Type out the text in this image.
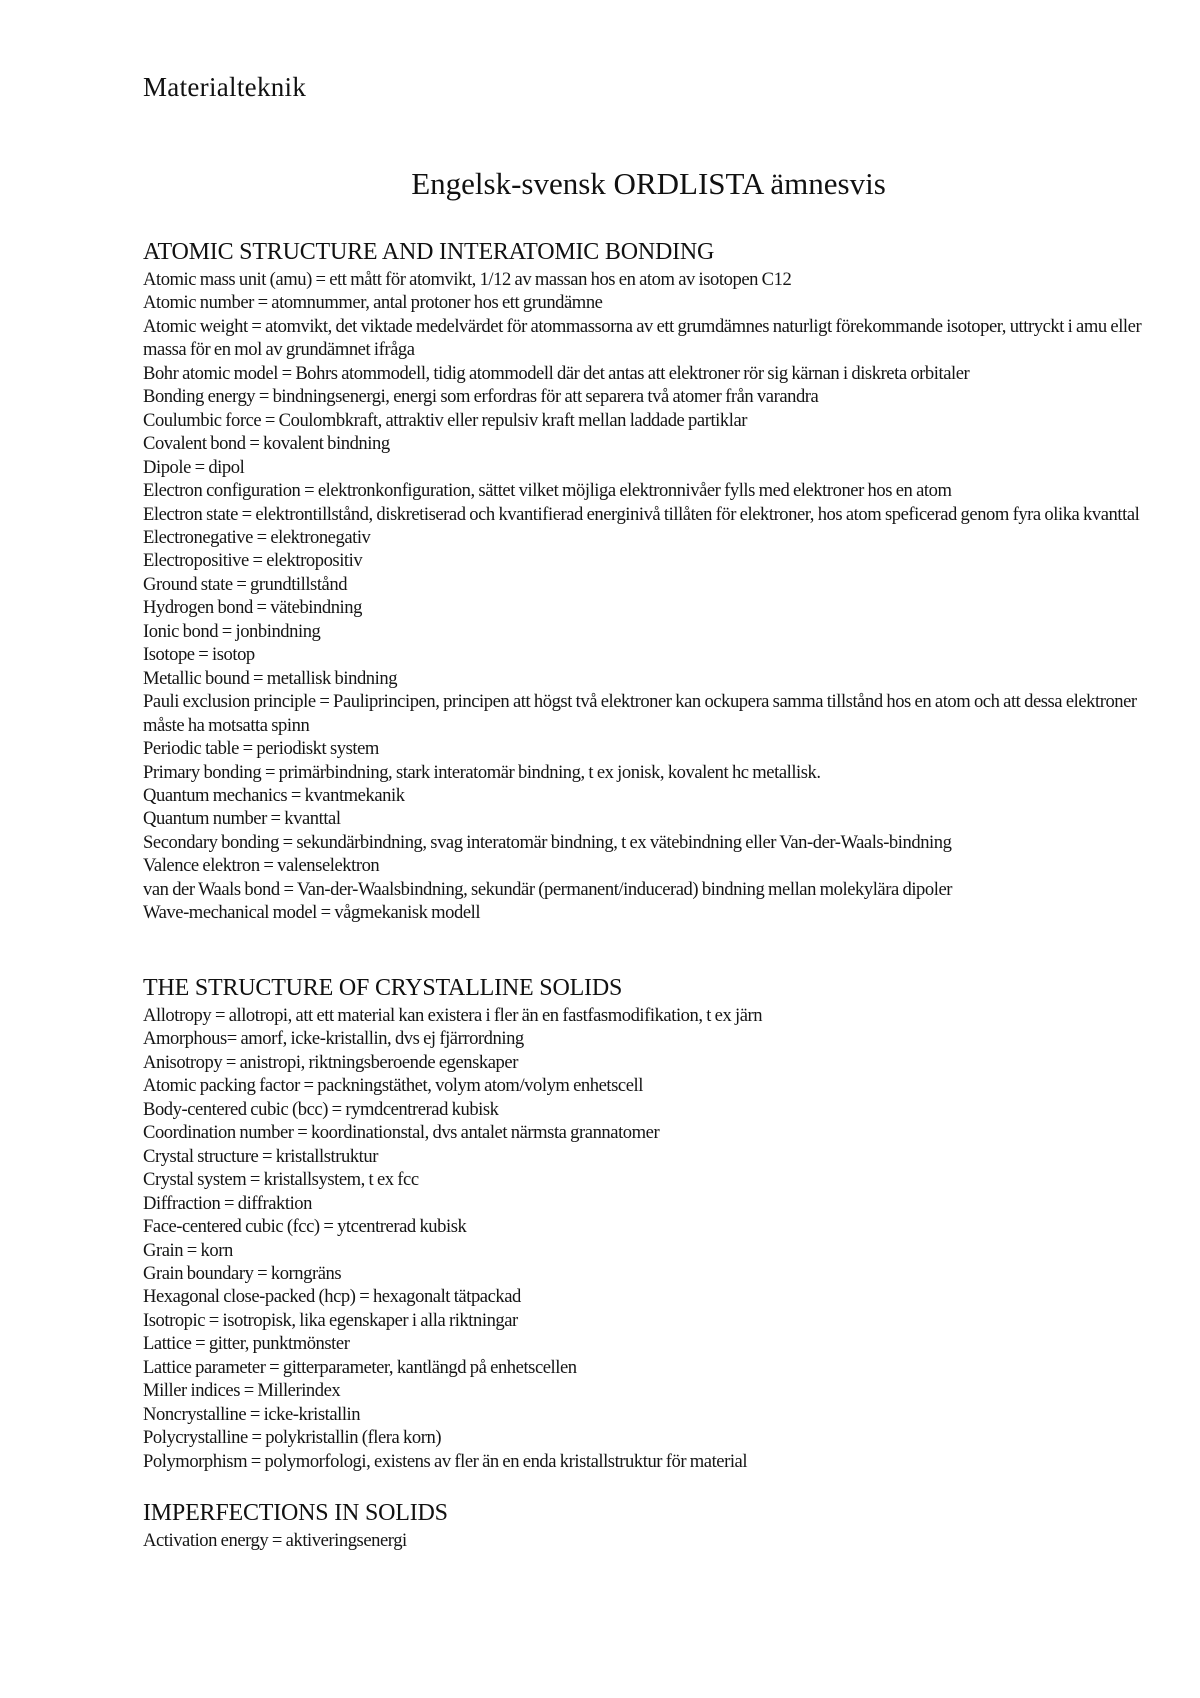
Materialteknik
Engelsk-svensk ORDLISTA ämnesvis
ATOMIC STRUCTURE AND INTERATOMIC BONDING
Atomic mass unit (amu) = ett mått för atomvikt, 1/12 av massan hos en atom av isotopen C12
Atomic number = atomnummer, antal protoner hos ett grundämne
Atomic weight = atomvikt, det viktade medelvärdet för atommassorna av ett grumdämnes naturligt förekommande isotoper, uttryckt i amu eller massa för en mol av grundämnet ifråga
Bohr atomic model = Bohrs atommodell, tidig atommodell där det antas att elektroner rör sig kärnan i diskreta orbitaler
Bonding energy = bindningsenergi, energi som erfordras för att separera två atomer från varandra
Coulumbic force = Coulombkraft, attraktiv eller repulsiv kraft mellan laddade partiklar
Covalent bond = kovalent bindning
Dipole = dipol
Electron configuration = elektronkonfiguration, sättet vilket möjliga elektronnivåer fylls med elektroner hos en atom
Electron state = elektrontillstånd, diskretiserad och kvantifierad energinivå tillåten för elektroner, hos atom speficerad genom fyra olika kvanttal
Electronegative = elektronegativ
Electropositive = elektropositiv
Ground state = grundtillstånd
Hydrogen bond = vätebindning
Ionic bond = jonbindning
Isotope = isotop
Metallic bound = metallisk bindning
Pauli exclusion principle = Pauliprincipen, principen att högst två elektroner kan ockupera samma tillstånd hos en atom och att dessa elektroner måste ha motsatta spinn
Periodic table = periodiskt system
Primary bonding = primärbindning, stark interatomär bindning, t ex jonisk, kovalent hc metallisk.
Quantum mechanics = kvantmekanik
Quantum number = kvanttal
Secondary bonding = sekundärbindning, svag interatomär bindning, t ex vätebindning eller Van-der-Waals-bindning
Valence elektron = valenselektron
van der Waals bond = Van-der-Waalsbindning, sekundär (permanent/inducerad) bindning mellan molekylära dipoler
Wave-mechanical model = vågmekanisk modell
THE STRUCTURE OF CRYSTALLINE SOLIDS
Allotropy = allotropi, att ett material kan existera i fler än en fastfasmodifikation, t ex järn
Amorphous= amorf, icke-kristallin, dvs ej fjärrordning
Anisotropy = anistropi, riktningsberoende egenskaper
Atomic packing factor = packningstäthet, volym atom/volym enhetscell
Body-centered cubic (bcc) = rymdcentrerad kubisk
Coordination number = koordinationstal, dvs antalet närmsta grannatomer
Crystal structure = kristallstruktur
Crystal system = kristallsystem, t ex fcc
Diffraction = diffraktion
Face-centered cubic (fcc) = ytcentrerad kubisk
Grain = korn
Grain boundary = korngräns
Hexagonal close-packed (hcp) = hexagonalt tätpackad
Isotropic = isotropisk, lika egenskaper i alla riktningar
Lattice = gitter, punktmönster
Lattice parameter = gitterparameter, kantlängd på enhetscellen
Miller indices = Millerindex
Noncrystalline = icke-kristallin
Polycrystalline = polykristallin (flera korn)
Polymorphism = polymorfologi, existens av fler än en enda kristallstruktur för material
IMPERFECTIONS IN SOLIDS
Activation energy = aktiveringsenergi
